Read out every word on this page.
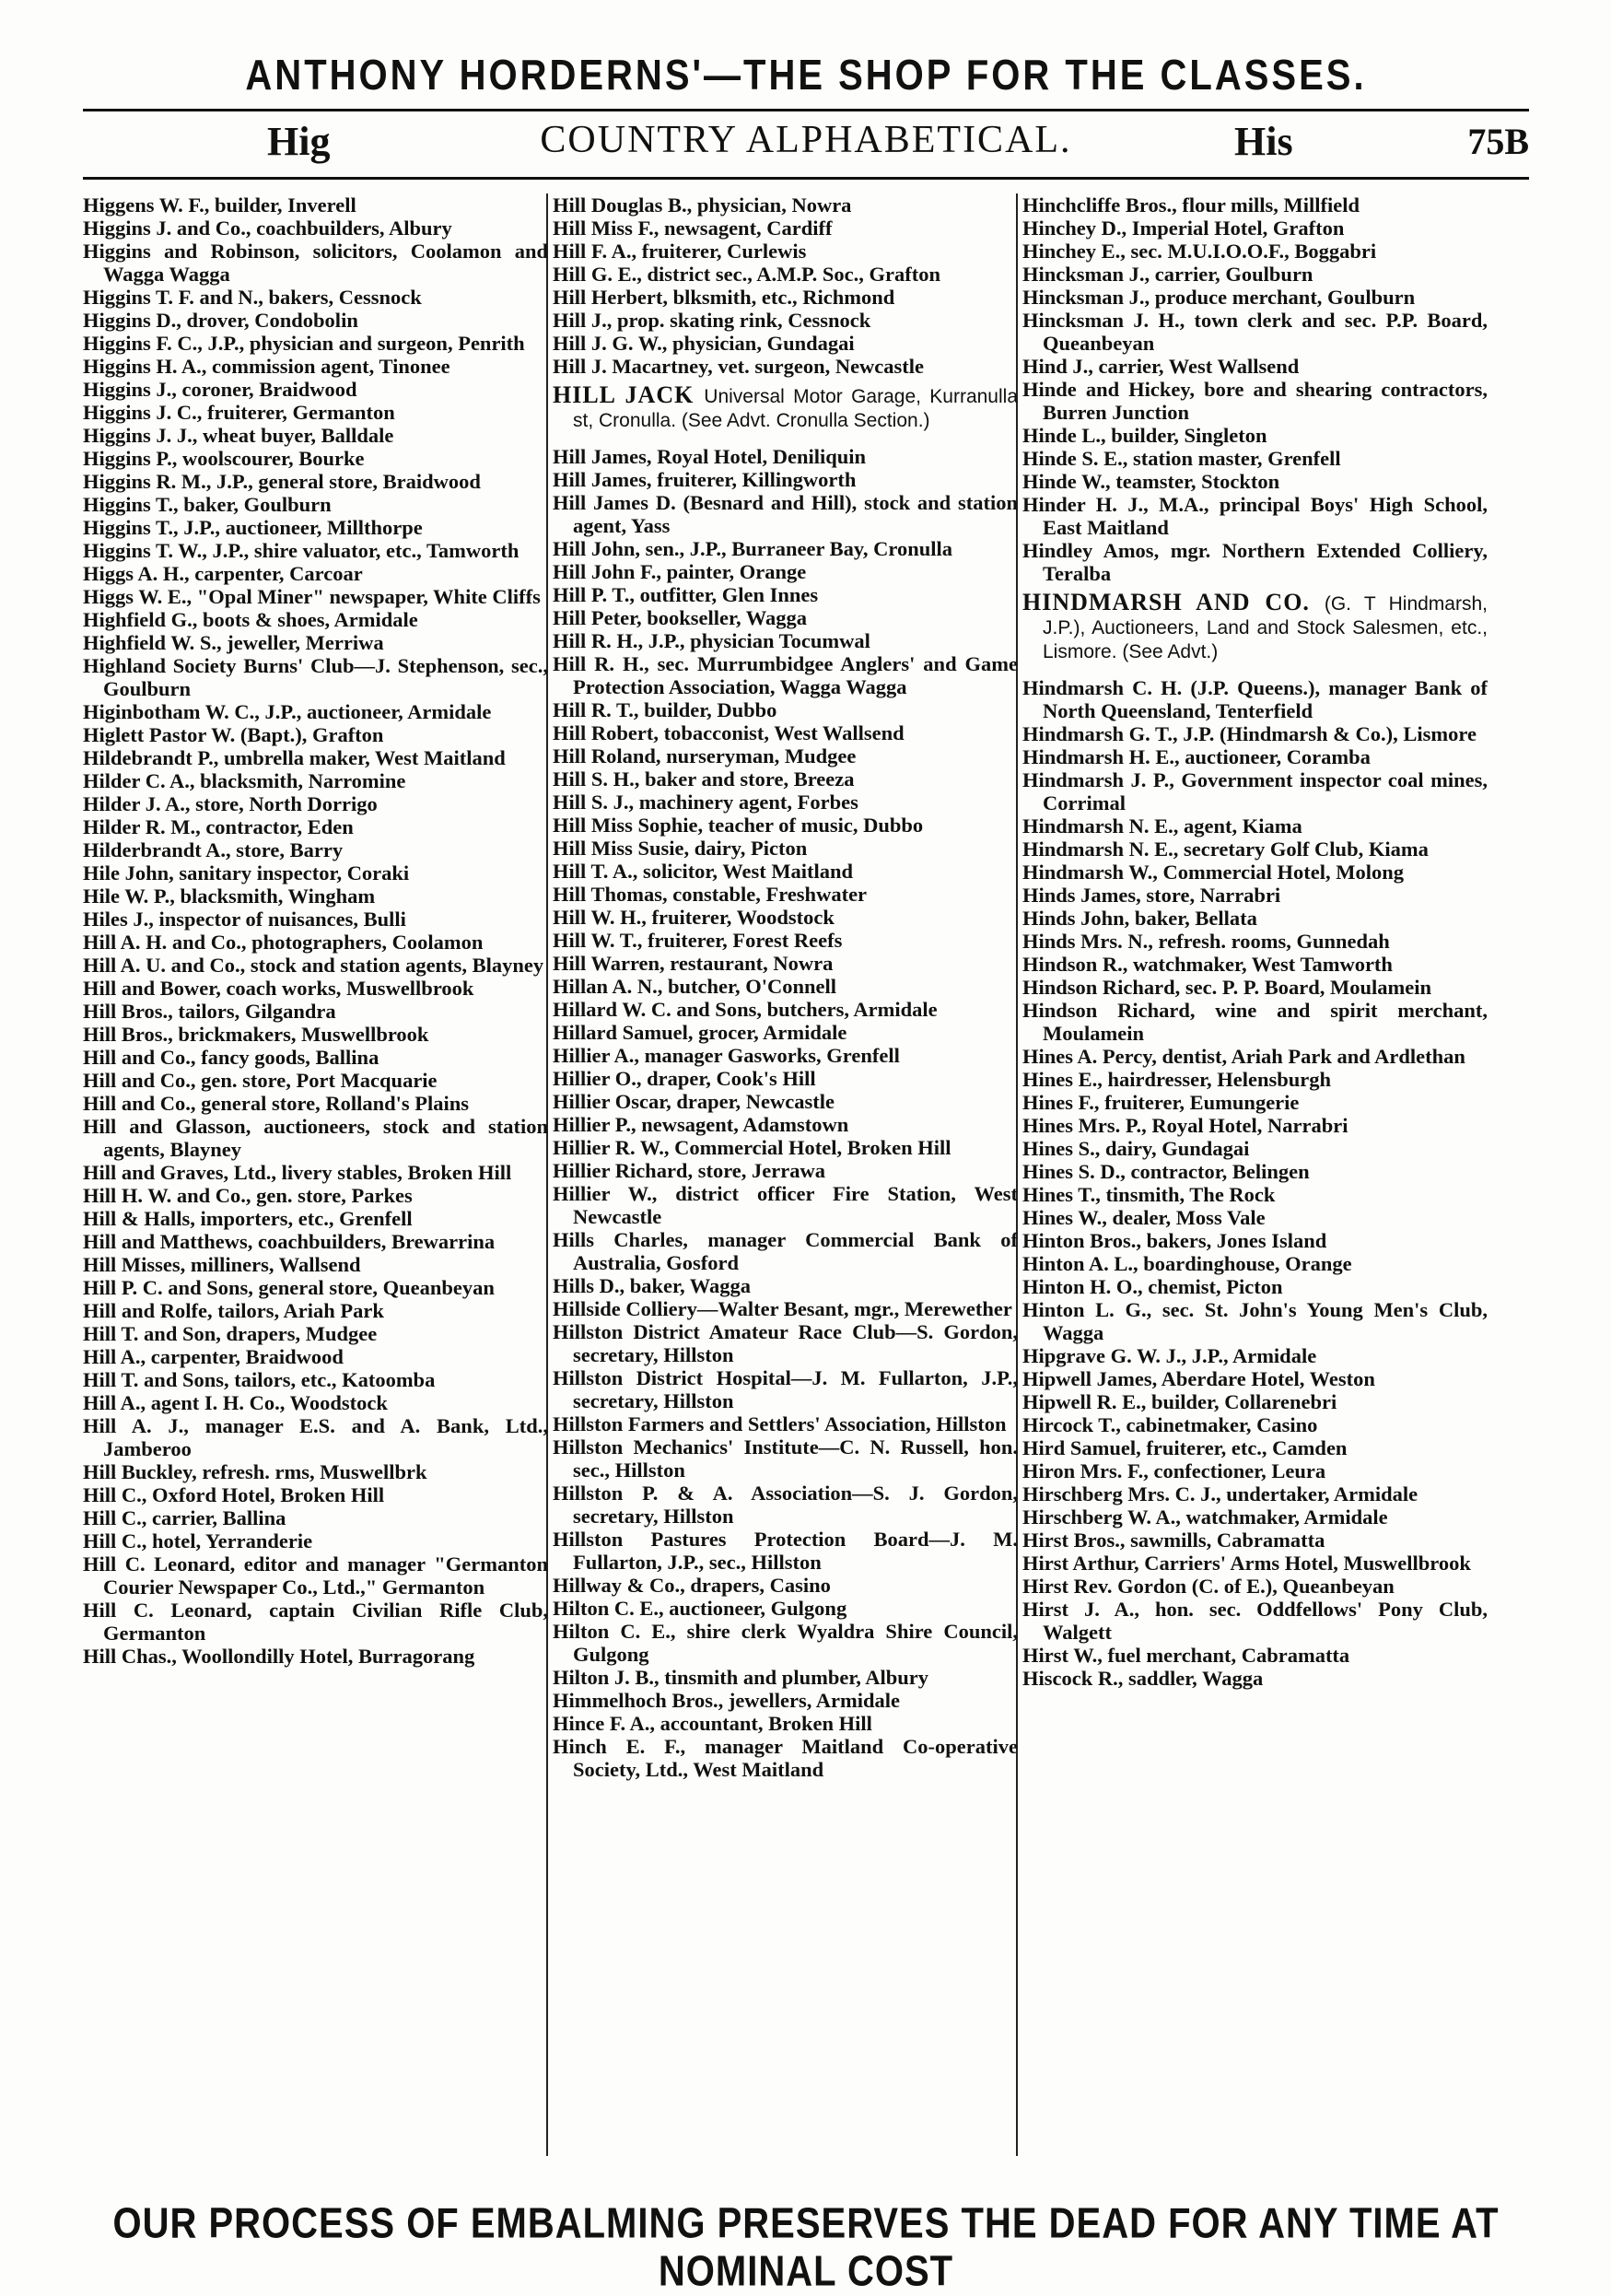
ANTHONY HORDERNS'—THE SHOP FOR THE CLASSES.
Hig	COUNTRY ALPHABETICAL.	His	75B

Higgens W. F., builder, Inverell

Higgins J. and Co., coachbuilders, Albury

Higgins and Robinson, solicitors, Coolamon and Wagga Wagga

Higgins T. F. and N., bakers, Cessnock

Higgins D., drover, Condobolin

Higgins F. C., J.P., physician and surgeon, Penrith

Higgins H. A., commission agent, Tinonee

Higgins J., coroner, Braidwood

Higgins J. C., fruiterer, Germanton

Higgins J. J., wheat buyer, Balldale

Higgins P., woolscourer, Bourke

Higgins R. M., J.P., general store, Braidwood

Higgins T., baker, Goulburn

Higgins T., J.P., auctioneer, Millthorpe

Higgins T. W., J.P., shire valuator, etc., Tamworth

Higgs A. H., carpenter, Carcoar

Higgs W. E., "Opal Miner" newspaper, White Cliffs

Highfield G., boots & shoes, Armidale

Highfield W. S., jeweller, Merriwa

Highland Society Burns' Club—J. Stephenson, sec., Goulburn

Higinbotham W. C., J.P., auctioneer, Armidale

Higlett Pastor W. (Bapt.), Grafton

Hildebrandt P., umbrella maker, West Maitland

Hilder C. A., blacksmith, Narromine

Hilder J. A., store, North Dorrigo

Hilder R. M., contractor, Eden

Hilderbrandt A., store, Barry

Hile John, sanitary inspector, Coraki

Hile W. P., blacksmith, Wingham

Hiles J., inspector of nuisances, Bulli

Hill A. H. and Co., photographers, Coolamon

Hill A. U. and Co., stock and station agents, Blayney

Hill and Bower, coach works, Muswellbrook

Hill Bros., tailors, Gilgandra

Hill Bros., brickmakers, Muswellbrook

Hill and Co., fancy goods, Ballina

Hill and Co., gen. store, Port Macquarie

Hill and Co., general store, Rolland's Plains

Hill and Glasson, auctioneers, stock and station agents, Blayney

Hill and Graves, Ltd., livery stables, Broken Hill

Hill H. W. and Co., gen. store, Parkes

Hill & Halls, importers, etc., Grenfell

Hill and Matthews, coachbuilders, Brewarrina

Hill Misses, milliners, Wallsend

Hill P. C. and Sons, general store, Queanbeyan

Hill and Rolfe, tailors, Ariah Park

Hill T. and Son, drapers, Mudgee

Hill A., carpenter, Braidwood

Hill T. and Sons, tailors, etc., Katoomba

Hill A., agent I. H. Co., Woodstock

Hill A. J., manager E.S. and A. Bank, Ltd., Jamberoo

Hill Buckley, refresh. rms, Muswellbrk

Hill C., Oxford Hotel, Broken Hill

Hill C., carrier, Ballina

Hill C., hotel, Yerranderie

Hill C. Leonard, editor and manager "Germanton Courier Newspaper Co., Ltd.," Germanton

Hill C. Leonard, captain Civilian Rifle Club, Germanton

Hill Chas., Woollondilly Hotel, Burragorang

Hill Douglas B., physician, Nowra

Hill Miss F., newsagent, Cardiff

Hill F. A., fruiterer, Curlewis

Hill G. E., district sec., A.M.P. Soc., Grafton

Hill Herbert, blksmith, etc., Richmond

Hill J., prop. skating rink, Cessnock

Hill J. G. W., physician, Gundagai

Hill J. Macartney, vet. surgeon, Newcastle

HILL JACK Universal Motor Garage, Kurranulla st, Cronulla. (See Advt. Cronulla Section.)

Hill James, Royal Hotel, Deniliquin

Hill James, fruiterer, Killingworth

Hill James D. (Besnard and Hill), stock and station agent, Yass

Hill John, sen., J.P., Burraneer Bay, Cronulla

Hill John F., painter, Orange

Hill P. T., outfitter, Glen Innes

Hill Peter, bookseller, Wagga

Hill R. H., J.P., physician Tocumwal

Hill R. H., sec. Murrumbidgee Anglers' and Game Protection Association, Wagga Wagga

Hill R. T., builder, Dubbo

Hill Robert, tobacconist, West Wallsend

Hill Roland, nurseryman, Mudgee

Hill S. H., baker and store, Breeza

Hill S. J., machinery agent, Forbes

Hill Miss Sophie, teacher of music, Dubbo

Hill Miss Susie, dairy, Picton

Hill T. A., solicitor, West Maitland

Hill Thomas, constable, Freshwater

Hill W. H., fruiterer, Woodstock

Hill W. T., fruiterer, Forest Reefs

Hill Warren, restaurant, Nowra

Hillan A. N., butcher, O'Connell

Hillard W. C. and Sons, butchers, Armidale

Hillard Samuel, grocer, Armidale

Hillier A., manager Gasworks, Grenfell

Hillier O., draper, Cook's Hill

Hillier Oscar, draper, Newcastle

Hillier P., newsagent, Adamstown

Hillier R. W., Commercial Hotel, Broken Hill

Hillier Richard, store, Jerrawa

Hillier W., district officer Fire Station, West Newcastle

Hills Charles, manager Commercial Bank of Australia, Gosford

Hills D., baker, Wagga

Hillside Colliery—Walter Besant, mgr., Merewether

Hillston District Amateur Race Club—S. Gordon, secretary, Hillston

Hillston District Hospital—J. M. Fullarton, J.P., secretary, Hillston

Hillston Farmers and Settlers' Association, Hillston

Hillston Mechanics' Institute—C. N. Russell, hon. sec., Hillston

Hillston P. & A. Association—S. J. Gordon, secretary, Hillston

Hillston Pastures Protection Board—J. M. Fullarton, J.P., sec., Hillston

Hillway & Co., drapers, Casino

Hilton C. E., auctioneer, Gulgong

Hilton C. E., shire clerk Wyaldra Shire Council, Gulgong

Hilton J. B., tinsmith and plumber, Albury

Himmelhoch Bros., jewellers, Armidale

Hince F. A., accountant, Broken Hill

Hinch E. F., manager Maitland Co-operative Society, Ltd., West Maitland

Hinchcliffe Bros., flour mills, Millfield

Hinchey D., Imperial Hotel, Grafton

Hinchey E., sec. M.U.I.O.O.F., Boggabri

Hincksman J., carrier, Goulburn

Hincksman J., produce merchant, Goulburn

Hincksman J. H., town clerk and sec. P.P. Board, Queanbeyan

Hind J., carrier, West Wallsend

Hinde and Hickey, bore and shearing contractors, Burren Junction

Hinde L., builder, Singleton

Hinde S. E., station master, Grenfell

Hinde W., teamster, Stockton

Hinder H. J., M.A., principal Boys' High School, East Maitland

Hindley Amos, mgr. Northern Extended Colliery, Teralba

HINDMARSH AND CO. (G. T Hindmarsh, J.P.), Auctioneers, Land and Stock Salesmen, etc., Lismore. (See Advt.)

Hindmarsh C. H. (J.P. Queens.), manager Bank of North Queensland, Tenterfield

Hindmarsh G. T., J.P. (Hindmarsh & Co.), Lismore

Hindmarsh H. E., auctioneer, Coramba

Hindmarsh J. P., Government inspector coal mines, Corrimal

Hindmarsh N. E., agent, Kiama

Hindmarsh N. E., secretary Golf Club, Kiama

Hindmarsh W., Commercial Hotel, Molong

Hinds James, store, Narrabri

Hinds John, baker, Bellata

Hinds Mrs. N., refresh. rooms, Gunnedah

Hindson R., watchmaker, West Tamworth

Hindson Richard, sec. P. P. Board, Moulamein

Hindson Richard, wine and spirit merchant, Moulamein

Hines A. Percy, dentist, Ariah Park and Ardlethan

Hines E., hairdresser, Helensburgh

Hines F., fruiterer, Eumungerie

Hines Mrs. P., Royal Hotel, Narrabri

Hines S., dairy, Gundagai

Hines S. D., contractor, Belingen

Hines T., tinsmith, The Rock

Hines W., dealer, Moss Vale

Hinton Bros., bakers, Jones Island

Hinton A. L., boardinghouse, Orange

Hinton H. O., chemist, Picton

Hinton L. G., sec. St. John's Young Men's Club, Wagga

Hipgrave G. W. J., J.P., Armidale

Hipwell James, Aberdare Hotel, Weston

Hipwell R. E., builder, Collarenebri

Hircock T., cabinetmaker, Casino

Hird Samuel, fruiterer, etc., Camden

Hiron Mrs. F., confectioner, Leura

Hirschberg Mrs. C. J., undertaker, Armidale

Hirschberg W. A., watchmaker, Armidale

Hirst Bros., sawmills, Cabramatta

Hirst Arthur, Carriers' Arms Hotel, Muswellbrook

Hirst Rev. Gordon (C. of E.), Queanbeyan

Hirst J. A., hon. sec. Oddfellows' Pony Club, Walgett

Hirst W., fuel merchant, Cabramatta

Hiscock R., saddler, Wagga

OUR PROCESS OF EMBALMING PRESERVES THE DEAD FOR ANY TIME AT NOMINAL COST
